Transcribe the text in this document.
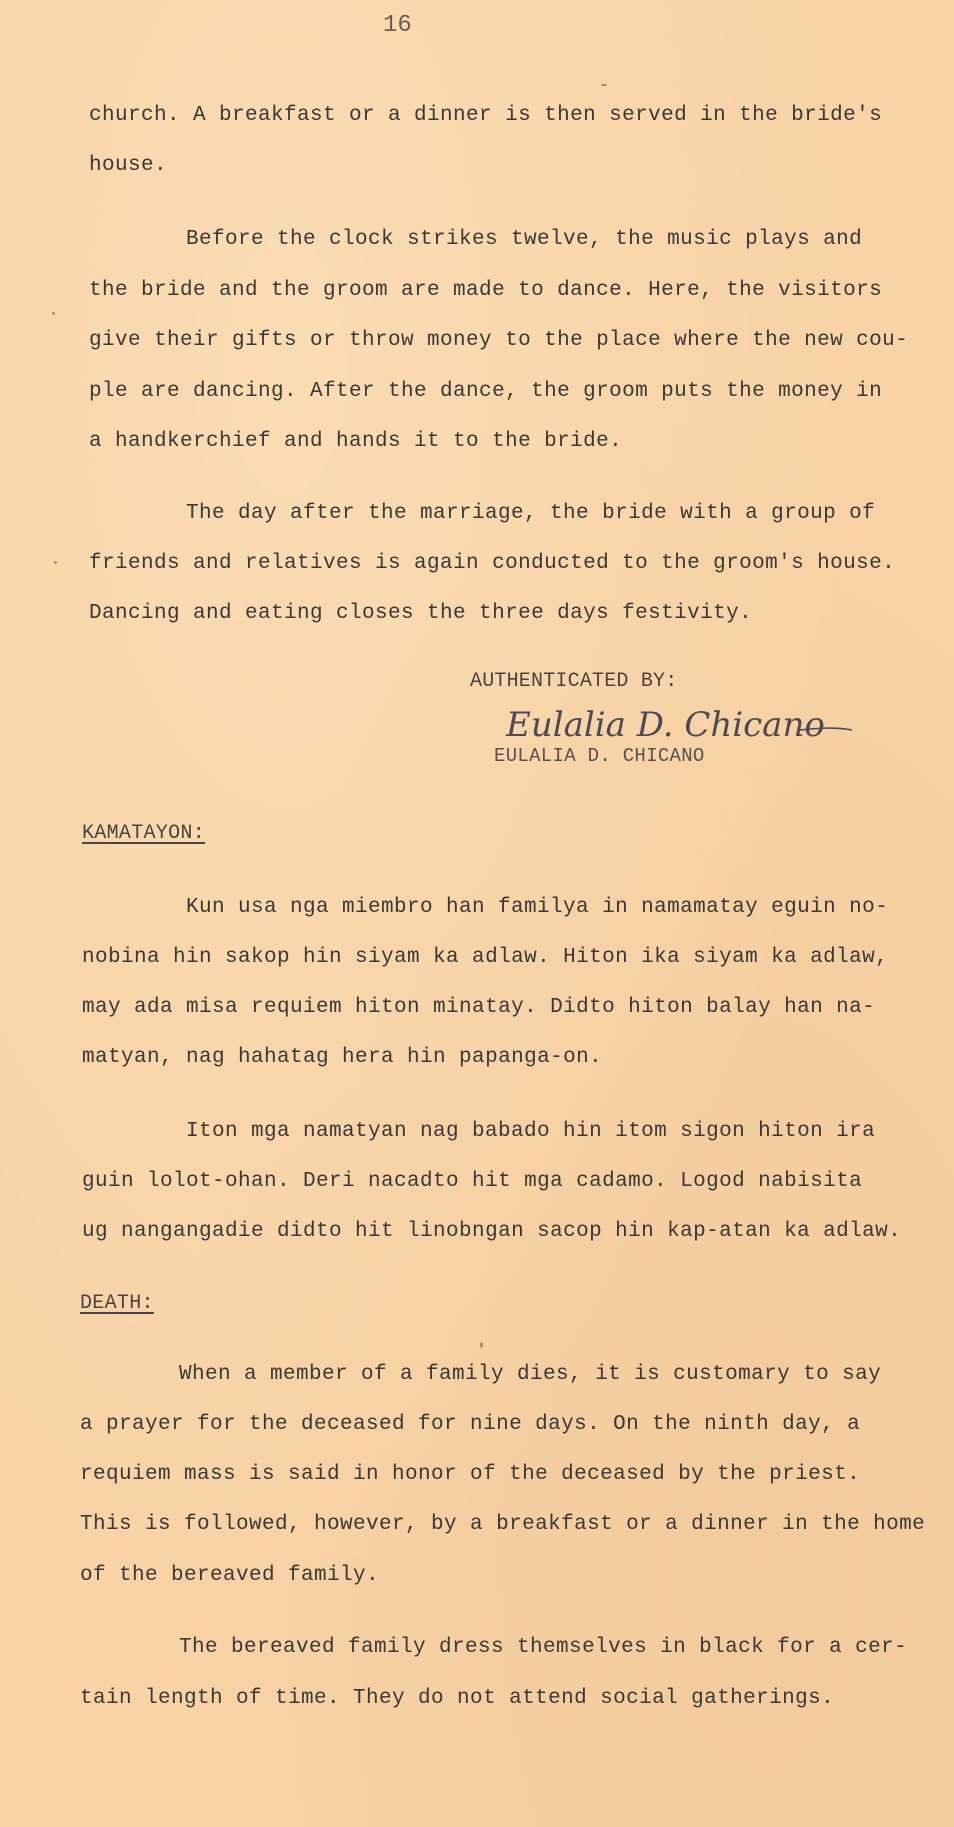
16
church. A breakfast or a dinner is then served in the bride's
house.
Before the clock strikes twelve, the music plays and
the bride and the groom are made to dance. Here, the visitors
give their gifts or throw money to the place where the new cou-
ple are dancing. After the dance, the groom puts the money in
a handkerchief and hands it to the bride.
The day after the marriage, the bride with a group of
friends and relatives is again conducted to the groom's house.
Dancing and eating closes the three days festivity.
AUTHENTICATED BY:
Eulalia D. Chicano
EULALIA D. CHICANO
KAMATAYON:
Kun usa nga miembro han familya in namamatay eguin no-
nobina hin sakop hin siyam ka adlaw. Hiton ika siyam ka adlaw,
may ada misa requiem hiton minatay. Didto hiton balay han na-
matyan, nag hahatag hera hin papanga-on.
Iton mga namatyan nag babado hin itom sigon hiton ira
guin lolot-ohan. Deri nacadto hit mga cadamo. Logod nabisita
ug nangangadie didto hit linobngan sacop hin kap-atan ka adlaw.
DEATH:
When a member of a family dies, it is customary to say
a prayer for the deceased for nine days. On the ninth day, a
requiem mass is said in honor of the deceased by the priest.
This is followed, however, by a breakfast or a dinner in the home
of the bereaved family.
The bereaved family dress themselves in black for a cer-
tain length of time. They do not attend social gatherings.
